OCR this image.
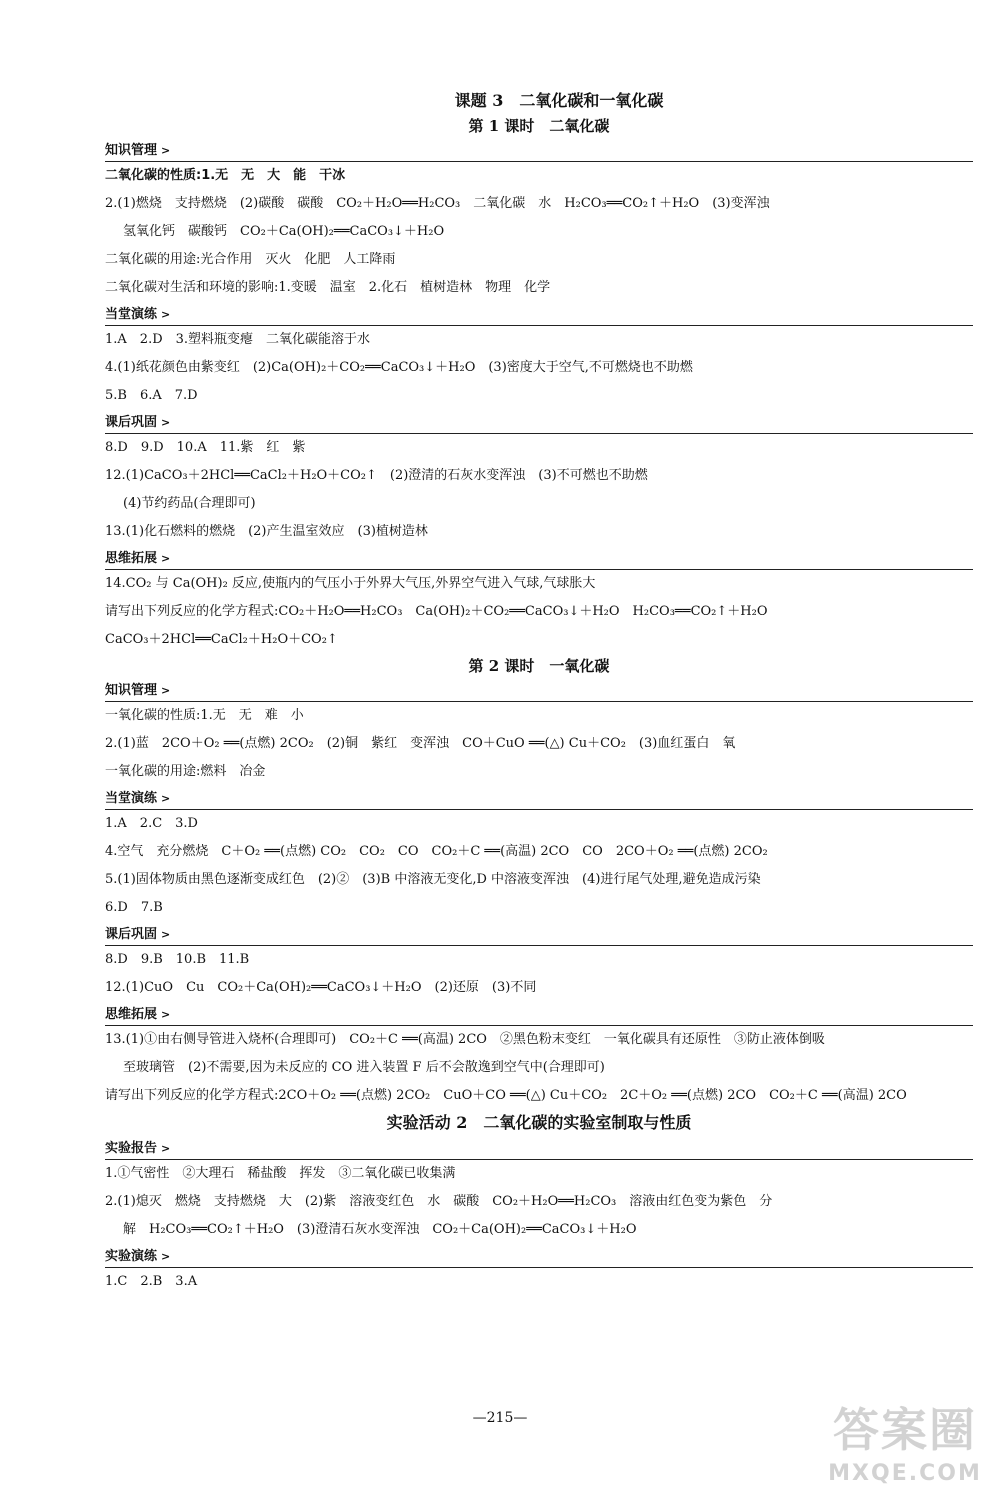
课题 3　二氧化碳和一氧化碳
第 1 课时　二氧化碳
知识管理 >
二氧化碳的性质:1.无　无　大　能　干冰
2.(1)燃烧　支持燃烧　(2)碳酸　碳酸　CO₂＋H₂O══H₂CO₃　二氧化碳　水　H₂CO₃══CO₂↑＋H₂O　(3)变浑浊
氢氧化钙　碳酸钙　CO₂＋Ca(OH)₂══CaCO₃↓＋H₂O
二氧化碳的用途:光合作用　灭火　化肥　人工降雨
二氧化碳对生活和环境的影响:1.变暖　温室　2.化石　植树造林　物理　化学
当堂演练 >
1.A　2.D　3.塑料瓶变瘪　二氧化碳能溶于水
4.(1)纸花颜色由紫变红　(2)Ca(OH)₂＋CO₂══CaCO₃↓＋H₂O　(3)密度大于空气,不可燃烧也不助燃
5.B　6.A　7.D
课后巩固 >
8.D　9.D　10.A　11.紫　红　紫
12.(1)CaCO₃＋2HCl══CaCl₂＋H₂O＋CO₂↑　(2)澄清的石灰水变浑浊　(3)不可燃也不助燃
(4)节约药品(合理即可)
13.(1)化石燃料的燃烧　(2)产生温室效应　(3)植树造林
思维拓展 >
14.CO₂ 与 Ca(OH)₂ 反应,使瓶内的气压小于外界大气压,外界空气进入气球,气球胀大
请写出下列反应的化学方程式:CO₂＋H₂O══H₂CO₃　Ca(OH)₂＋CO₂══CaCO₃↓＋H₂O　H₂CO₃══CO₂↑＋H₂O
CaCO₃＋2HCl══CaCl₂＋H₂O＋CO₂↑
第 2 课时　一氧化碳
知识管理 >
一氧化碳的性质:1.无　无　难　小
2.(1)蓝　2CO＋O₂ ══(点燃) 2CO₂　(2)铜　紫红　变浑浊　CO＋CuO ══(△) Cu＋CO₂　(3)血红蛋白　氧
一氧化碳的用途:燃料　冶金
当堂演练 >
1.A　2.C　3.D
4.空气　充分燃烧　C＋O₂ ══(点燃) CO₂　CO₂　CO　CO₂＋C ══(高温) 2CO　CO　2CO＋O₂ ══(点燃) 2CO₂
5.(1)固体物质由黑色逐渐变成红色　(2)②　(3)B 中溶液无变化,D 中溶液变浑浊　(4)进行尾气处理,避免造成污染
6.D　7.B
课后巩固 >
8.D　9.B　10.B　11.B
12.(1)CuO　Cu　CO₂＋Ca(OH)₂══CaCO₃↓＋H₂O　(2)还原　(3)不同
思维拓展 >
13.(1)①由右侧导管进入烧杯(合理即可)　CO₂＋C ══(高温) 2CO　②黑色粉末变红　一氧化碳具有还原性　③防止液体倒吸
至玻璃管　(2)不需要,因为未反应的 CO 进入装置 F 后不会散逸到空气中(合理即可)
请写出下列反应的化学方程式:2CO＋O₂ ══(点燃) 2CO₂　CuO＋CO ══(△) Cu＋CO₂　2C＋O₂ ══(点燃) 2CO　CO₂＋C ══(高温) 2CO
实验活动 2　二氧化碳的实验室制取与性质
实验报告 >
1.①气密性　②大理石　稀盐酸　挥发　③二氧化碳已收集满
2.(1)熄灭　燃烧　支持燃烧　大　(2)紫　溶液变红色　水　碳酸　CO₂＋H₂O══H₂CO₃　溶液由红色变为紫色　分
解　H₂CO₃══CO₂↑＋H₂O　(3)澄清石灰水变浑浊　CO₂＋Ca(OH)₂══CaCO₃↓＋H₂O
实验演练 >
1.C　2.B　3.A
—215—	答案圈
MXQE.COM
